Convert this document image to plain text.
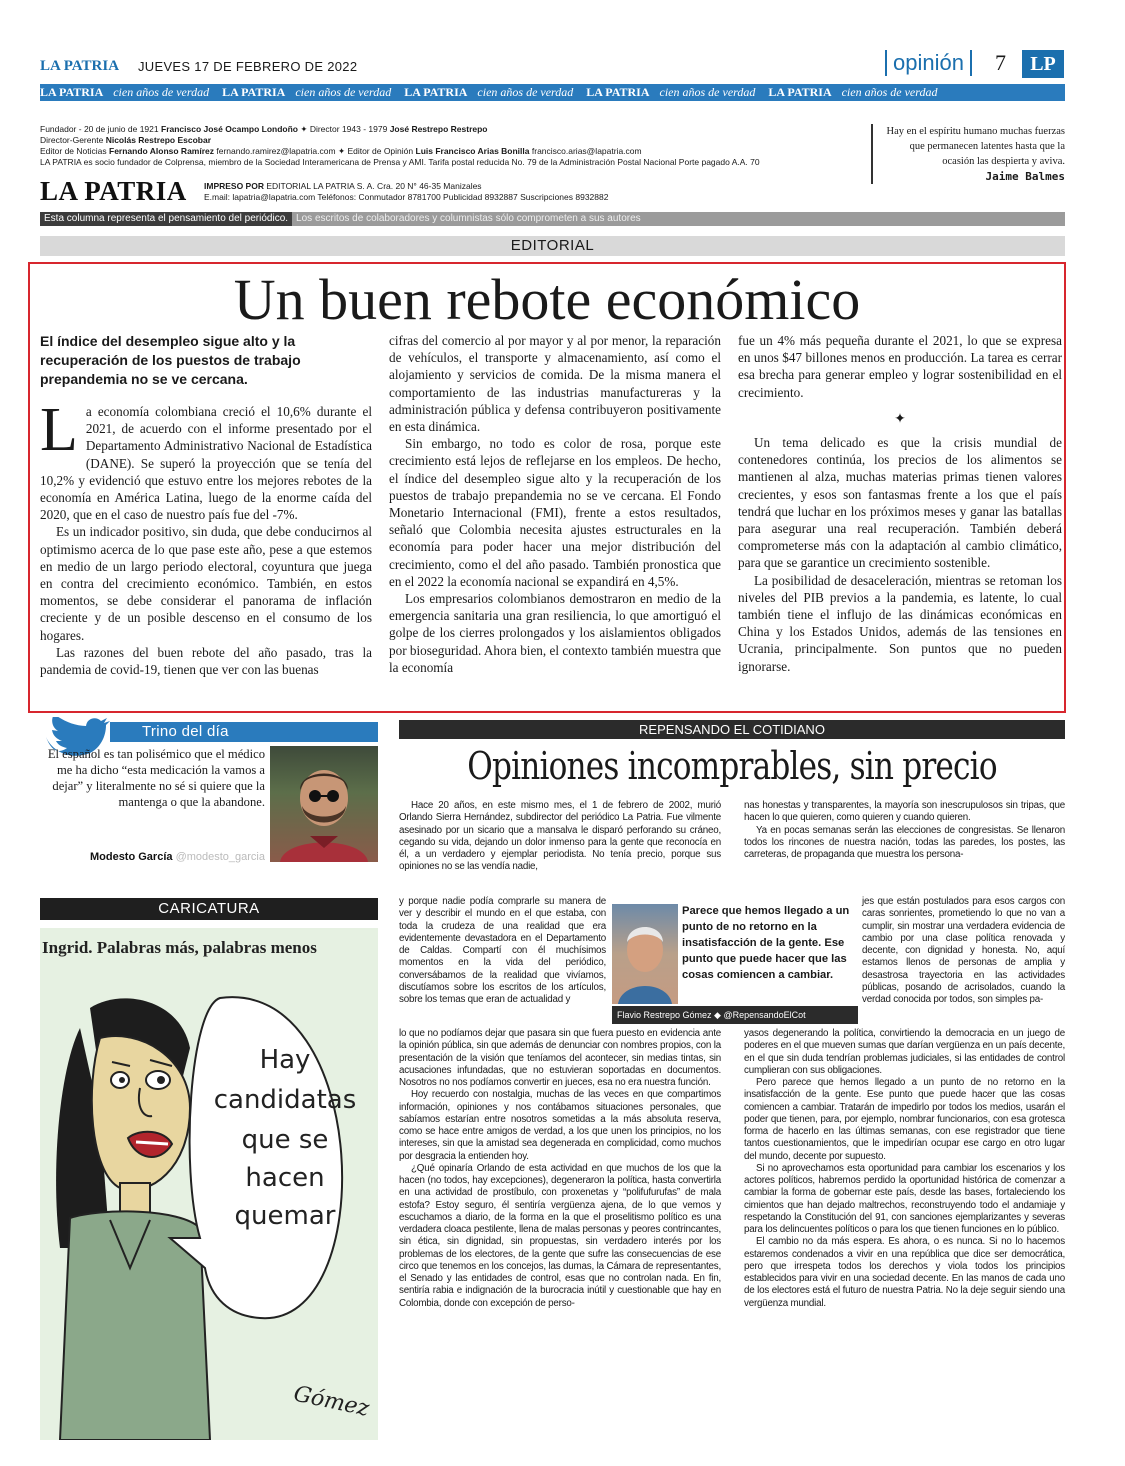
LA PATRIA JUEVES 17 DE FEBRERO DE 2022	opinión	7	LP
LA PATRIA cien años de verdad LA PATRIA cien años de verdad LA PATRIA cien años de verdad LA PATRIA cien años de verdad LA PATRIA cien años de verdad
Fundador - 20 de junio de 1921 Francisco José Ocampo Londoño ✦ Director 1943 - 1979 José Restrepo Restrepo
Director-Gerente Nicolás Restrepo Escobar
Editor de Noticias Fernando Alonso Ramírez fernando.ramirez@lapatria.com ✦ Editor de Opinión Luis Francisco Arias Bonilla francisco.arias@lapatria.com
LA PATRIA es socio fundador de Colprensa, miembro de la Sociedad Interamericana de Prensa y AMI. Tarifa postal reducida No. 79 de la Administración Postal Nacional Porte pagado A.A. 70
LA PATRIA IMPRESO POR EDITORIAL LA PATRIA S. A. Cra. 20 N° 46-35 Manizales
E.mail: lapatria@lapatria.com Teléfonos: Conmutador 8781700 Publicidad 8932887 Suscripciones 8932882
Hay en el espíritu humano muchas fuerzas que permanecen latentes hasta que la ocasión las despierta y aviva.
Jaime Balmes
Esta columna representa el pensamiento del periódico. Los escritos de colaboradores y columnistas sólo comprometen a sus autores
EDITORIAL
Un buen rebote económico
El índice del desempleo sigue alto y la recuperación de los puestos de trabajo prepandemia no se ve cercana.

La economía colombiana creció el 10,6% durante el 2021, de acuerdo con el informe presentado por el Departamento Administrativo Nacional de Estadística (DANE). Se superó la proyección que se tenía del 10,2% y evidenció que estuvo entre los mejores rebotes de la economía en América Latina, luego de la enorme caída del 2020, que en el caso de nuestro país fue del -7%.

Es un indicador positivo, sin duda, que debe conducirnos al optimismo acerca de lo que pase este año, pese a que estemos en medio de un largo periodo electoral, coyuntura que juega en contra del crecimiento económico. También, en estos momentos, se debe considerar el panorama de inflación creciente y de un posible descenso en el consumo de los hogares.

Las razones del buen rebote del año pasado, tras la pandemia de covid-19, tienen que ver con las buenas

cifras del comercio al por mayor y al por menor, la reparación de vehículos, el transporte y almacenamiento, así como el alojamiento y servicios de comida. De la misma manera el comportamiento de las industrias manufactureras y la administración pública y defensa contribuyeron positivamente en esta dinámica.

Sin embargo, no todo es color de rosa, porque este crecimiento está lejos de reflejarse en los empleos. De hecho, el índice del desempleo sigue alto y la recuperación de los puestos de trabajo prepandemia no se ve cercana. El Fondo Monetario Internacional (FMI), frente a estos resultados, señaló que Colombia necesita ajustes estructurales en la economía para poder hacer una mejor distribución del crecimiento, como el del año pasado. También pronostica que en el 2022 la economía nacional se expandirá en 4,5%.

Los empresarios colombianos demostraron en medio de la emergencia sanitaria una gran resiliencia, lo que amortiguó el golpe de los cierres prolongados y los aislamientos obligados por bioseguridad. Ahora bien, el contexto también muestra que la economía

fue un 4% más pequeña durante el 2021, lo que se expresa en unos $47 billones menos en producción. La tarea es cerrar esa brecha para generar empleo y lograr sostenibilidad en el crecimiento.

✦

Un tema delicado es que la crisis mundial de contenedores continúa, los precios de los alimentos se mantienen al alza, muchas materias primas tienen valores crecientes, y esos son fantasmas frente a los que el país tendrá que luchar en los próximos meses y ganar las batallas para asegurar una real recuperación. También deberá comprometerse más con la adaptación al cambio climático, para que se garantice un crecimiento sostenible.

La posibilidad de desaceleración, mientras se retoman los niveles del PIB previos a la pandemia, es latente, lo cual también tiene el influjo de las dinámicas económicas en China y los Estados Unidos, además de las tensiones en Ucrania, principalmente. Son puntos que no pueden ignorarse.

Trino del día
El español es tan polisémico que el médico me ha dicho “esta medicación la vamos a dejar” y literalmente no sé si quiere que la mantenga o que la abandone.
Modesto García @modesto_garcia
CARICATURA
Ingrid. Palabras más, palabras menos
Hay
candidatas
que se
hacen
quemar
Gómez
REPENSANDO EL COTIDIANO
Opiniones incomprables, sin precio

Hace 20 años, en este mismo mes, el 1 de febrero de 2002, murió Orlando Sierra Hernández, subdirector del periódico La Patria. Fue vilmente asesinado por un sicario que a mansalva le disparó perforando su cráneo, cegando su vida, dejando un dolor inmenso para la gente que reconocía en él, a un verdadero y ejemplar periodista. No tenía precio, porque sus opiniones no se las vendía nadie,

y porque nadie podía comprarle su manera de ver y describir el mundo en el que estaba, con toda la crudeza de una realidad que era evidentemente devastadora en el Departamento de Caldas. Compartí con él muchísimos momentos en la vida del periódico, conversábamos de la realidad que vivíamos, discutíamos sobre los escritos de los artículos, sobre los temas que eran de actualidad y

lo que no podíamos dejar que pasara sin que fuera puesto en evidencia ante la opinión pública, sin que además de denunciar con nombres propios, con la presentación de la visión que teníamos del acontecer, sin medias tintas, sin acusaciones infundadas, que no estuvieran soportadas en documentos. Nosotros no nos podíamos convertir en jueces, esa no era nuestra función.

Hoy recuerdo con nostalgia, muchas de las veces en que compartimos información, opiniones y nos contábamos situaciones personales, que sabíamos estarían entre nosotros sometidas a la más absoluta reserva, como se hace entre amigos de verdad, a los que unen los principios, no los intereses, sin que la amistad sea degenerada en complicidad, como muchos por desgracia la entienden hoy.

¿Qué opinaría Orlando de esta actividad en que muchos de los que la hacen (no todos, hay excepciones), degeneraron la política, hasta convertirla en una actividad de prostíbulo, con proxenetas y “polifufurufas” de mala estofa? Estoy seguro, él sentiría vergüenza ajena, de lo que vemos y escuchamos a diario, de la forma en la que el proselitismo político es una verdadera cloaca pestilente, llena de malas personas y peores contrincantes, sin ética, sin dignidad, sin propuestas, sin verdadero interés por los problemas de los electores, de la gente que sufre las consecuencias de ese circo que tenemos en los concejos, las dumas, la Cámara de representantes, el Senado y las entidades de control, esas que no controlan nada. En fin, sentiría rabia e indignación de la burocracia inútil y cuestionable que hay en Colombia, donde con excepción de perso-

nas honestas y transparentes, la mayoría son inescrupulosos sin tripas, que hacen lo que quieren, como quieren y cuando quieren.

Ya en pocas semanas serán las elecciones de congresistas. Se llenaron todos los rincones de nuestra nación, todas las paredes, los postes, las carreteras, de propaganda que muestra los persona-

jes que están postulados para esos cargos con caras sonrientes, prometiendo lo que no van a cumplir, sin mostrar una verdadera evidencia de cambio por una clase política renovada y decente, con dignidad y honesta. No, aquí estamos llenos de personas de amplia y desastrosa trayectoria en las actividades públicas, posando de acrisolados, cuando la verdad conocida por todos, son simples pa-

yasos degenerando la política, convirtiendo la democracia en un juego de poderes en el que mueven sumas que darían vergüenza en un país decente, en el que sin duda tendrían problemas judiciales, si las entidades de control cumplieran con sus obligaciones.

Pero parece que hemos llegado a un punto de no retorno en la insatisfacción de la gente. Ese punto que puede hacer que las cosas comiencen a cambiar. Tratarán de impedirlo por todos los medios, usarán el poder que tienen, para, por ejemplo, nombrar funcionarios, con esa grotesca forma de hacerlo en las últimas semanas, con ese registrador que tiene tantos cuestionamientos, que le impedirían ocupar ese cargo en otro lugar del mundo, decente por supuesto.

Si no aprovechamos esta oportunidad para cambiar los escenarios y los actores políticos, habremos perdido la oportunidad histórica de comenzar a cambiar la forma de gobernar este país, desde las bases, fortaleciendo los cimientos que han dejado maltrechos, reconstruyendo todo el andamiaje y respetando la Constitución del 91, con sanciones ejemplarizantes y severas para los delincuentes políticos o para los que tienen funciones en lo público.

El cambio no da más espera. Es ahora, o es nunca. Si no lo hacemos estaremos condenados a vivir en una república que dice ser democrática, pero que irrespeta todos los derechos y viola todos los principios establecidos para vivir en una sociedad decente. En las manos de cada uno de los electores está el futuro de nuestra Patria. No la deje seguir siendo una vergüenza mundial.

Parece que hemos llegado a un punto de no retorno en la insatisfacción de la gente. Ese punto que puede hacer que las cosas comiencen a cambiar.
Flavio Restrepo Gómez ◆ @RepensandoElCot
